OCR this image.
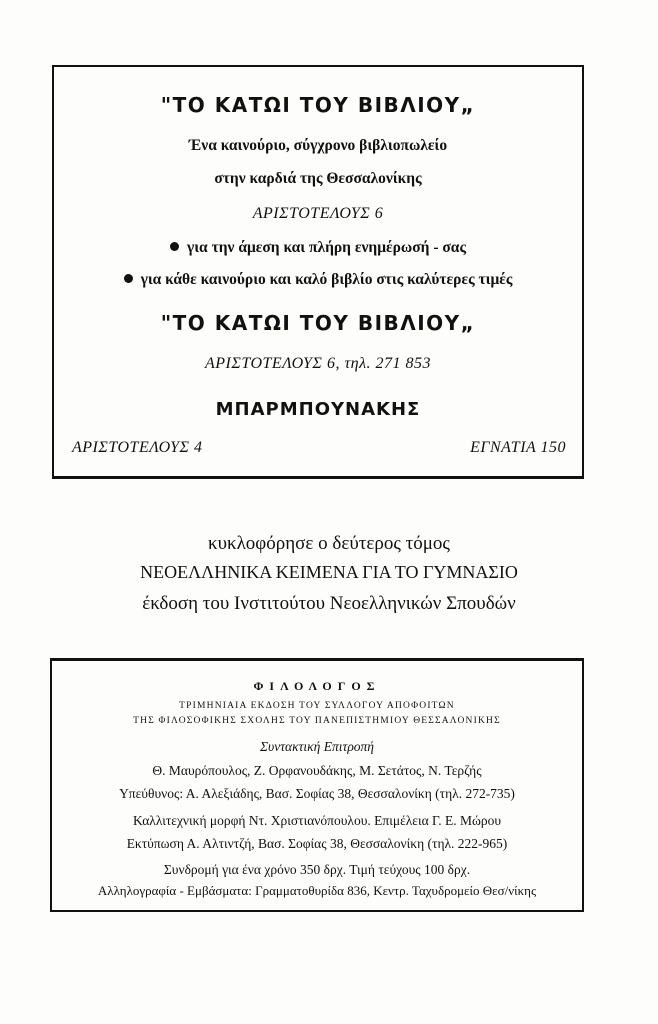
"ΤΟ ΚΑΤΩΙ ΤΟΥ ΒΙΒΛΙΟΥ„
Ένα καινούριο, σύγχρονο βιβλιοπωλείο
στην καρδιά της Θεσσαλονίκης
ΑΡΙΣΤΟΤΕΛΟΥΣ 6
για την άμεση και πλήρη ενημέρωσή - σας
για κάθε καινούριο και καλό βιβλίο στις καλύτερες τιμές
"ΤΟ ΚΑΤΩΙ ΤΟΥ ΒΙΒΛΙΟΥ„
ΑΡΙΣΤΟΤΕΛΟΥΣ 6, τηλ. 271 853
ΜΠΑΡΜΠΟΥΝΑΚΗΣ
ΑΡΙΣΤΟΤΕΛΟΥΣ 4	ΕΓΝΑΤΙΑ 150
κυκλοφόρησε ο δεύτερος τόμος
ΝΕΟΕΛΛΗΝΙΚΑ ΚΕΙΜΕΝΑ ΓΙΑ ΤΟ ΓΥΜΝΑΣΙΟ
έκδοση του Ινστιτούτου Νεοελληνικών Σπουδών
ΦΙΛΟΛΟΓΟΣ
ΤΡΙΜΗΝΙΑΙΑ ΕΚΔΟΣΗ ΤΟΥ ΣΥΛΛΟΓΟΥ ΑΠΟΦΟΙΤΩΝ
ΤΗΣ ΦΙΛΟΣΟΦΙΚΗΣ ΣΧΟΛΗΣ ΤΟΥ ΠΑΝΕΠΙΣΤΗΜΙΟΥ ΘΕΣΣΑΛΟΝΙΚΗΣ
Συντακτική Επιτροπή
Θ. Μαυρόπουλος, Ζ. Ορφανουδάκης, Μ. Σετάτος, Ν. Τερζής
Υπεύθυνος: Α. Αλεξιάδης, Βασ. Σοφίας 38, Θεσσαλονίκη (τηλ. 272-735)
Καλλιτεχνική μορφή Ντ. Χριστιανόπουλου. Επιμέλεια Γ. Ε. Μώρου
Εκτύπωση Α. Αλτιντζή, Βασ. Σοφίας 38, Θεσσαλονίκη (τηλ. 222-965)
Συνδρομή για ένα χρόνο 350 δρχ. Τιμή τεύχους 100 δρχ.
Αλληλογραφία - Εμβάσματα: Γραμματοθυρίδα 836, Κεντρ. Ταχυδρομείο Θεσ/νίκης
